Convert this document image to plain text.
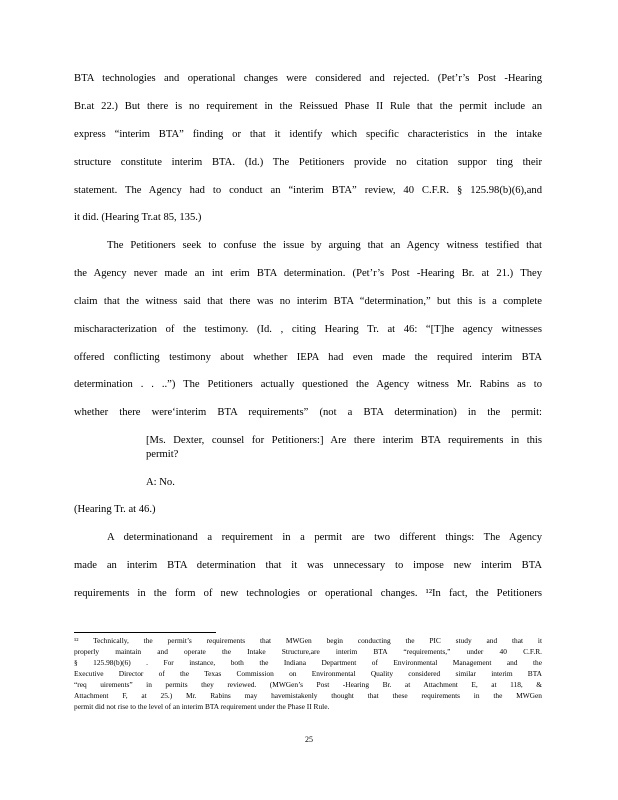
BTA technologies and operational changes were considered and rejected. (Pet’r’s Post -Hearing
Br.at 22.) But there is no requirement in the Reissued Phase II Rule that the permit include an
express “interim BTA” finding or that it identify which specific characteristics in the intake
structure constitute interim BTA. (Id.) The Petitioners provide no citation suppor ting their
statement. The Agency had to conduct an “interim BTA” review, 40 C.F.R. § 125.98(b)(6),and
it did. (Hearing Tr.at 85, 135.)
The Petitioners seek to confuse the issue by arguing that an Agency witness testified that
the Agency never made an int erim BTA determination. (Pet’r’s Post -Hearing Br. at 21.) They
claim that the witness said that there was no interim BTA “determination,” but this is a complete
mischaracterization of the testimony. (Id. , citing Hearing Tr. at 46: “[T]he agency witnesses
offered conflicting testimony about whether IEPA had even made the required interim BTA
determination . . ..”) The Petitioners actually questioned the Agency witness Mr. Rabins as to
whether there were‘interim BTA requirements” (not a BTA determination) in the permit:
[Ms. Dexter, counsel for Petitioners:] Are there interim BTA requirements in this
permit?
A: No.
(Hearing Tr. at 46.)
A determinationand a requirement in a permit are two different things: The Agency
made an interim BTA determination that it was unnecessary to impose new interim BTA
requirements in the form of new technologies or operational changes. ¹²In fact, the Petitioners
¹² Technically, the permit’s requirements that MWGen begin conducting the PIC study and that it
properly maintain and operate the Intake Structure,are interim BTA “requirements,” under 40 C.F.R.
§ 125.98(b)(6) . For instance, both the Indiana Department of Environmental Management and the
Executive Director of the Texas Commission on Environmental Quality considered similar interim BTA
“req uirements” in permits they reviewed. (MWGen’s Post -Hearing Br. at Attachment E, at 118, &
Attachment F, at 25.) Mr. Rabins may havemistakenly thought that these requirements in the MWGen
permit did not rise to the level of an interim BTA requirement under the Phase II Rule.
25
